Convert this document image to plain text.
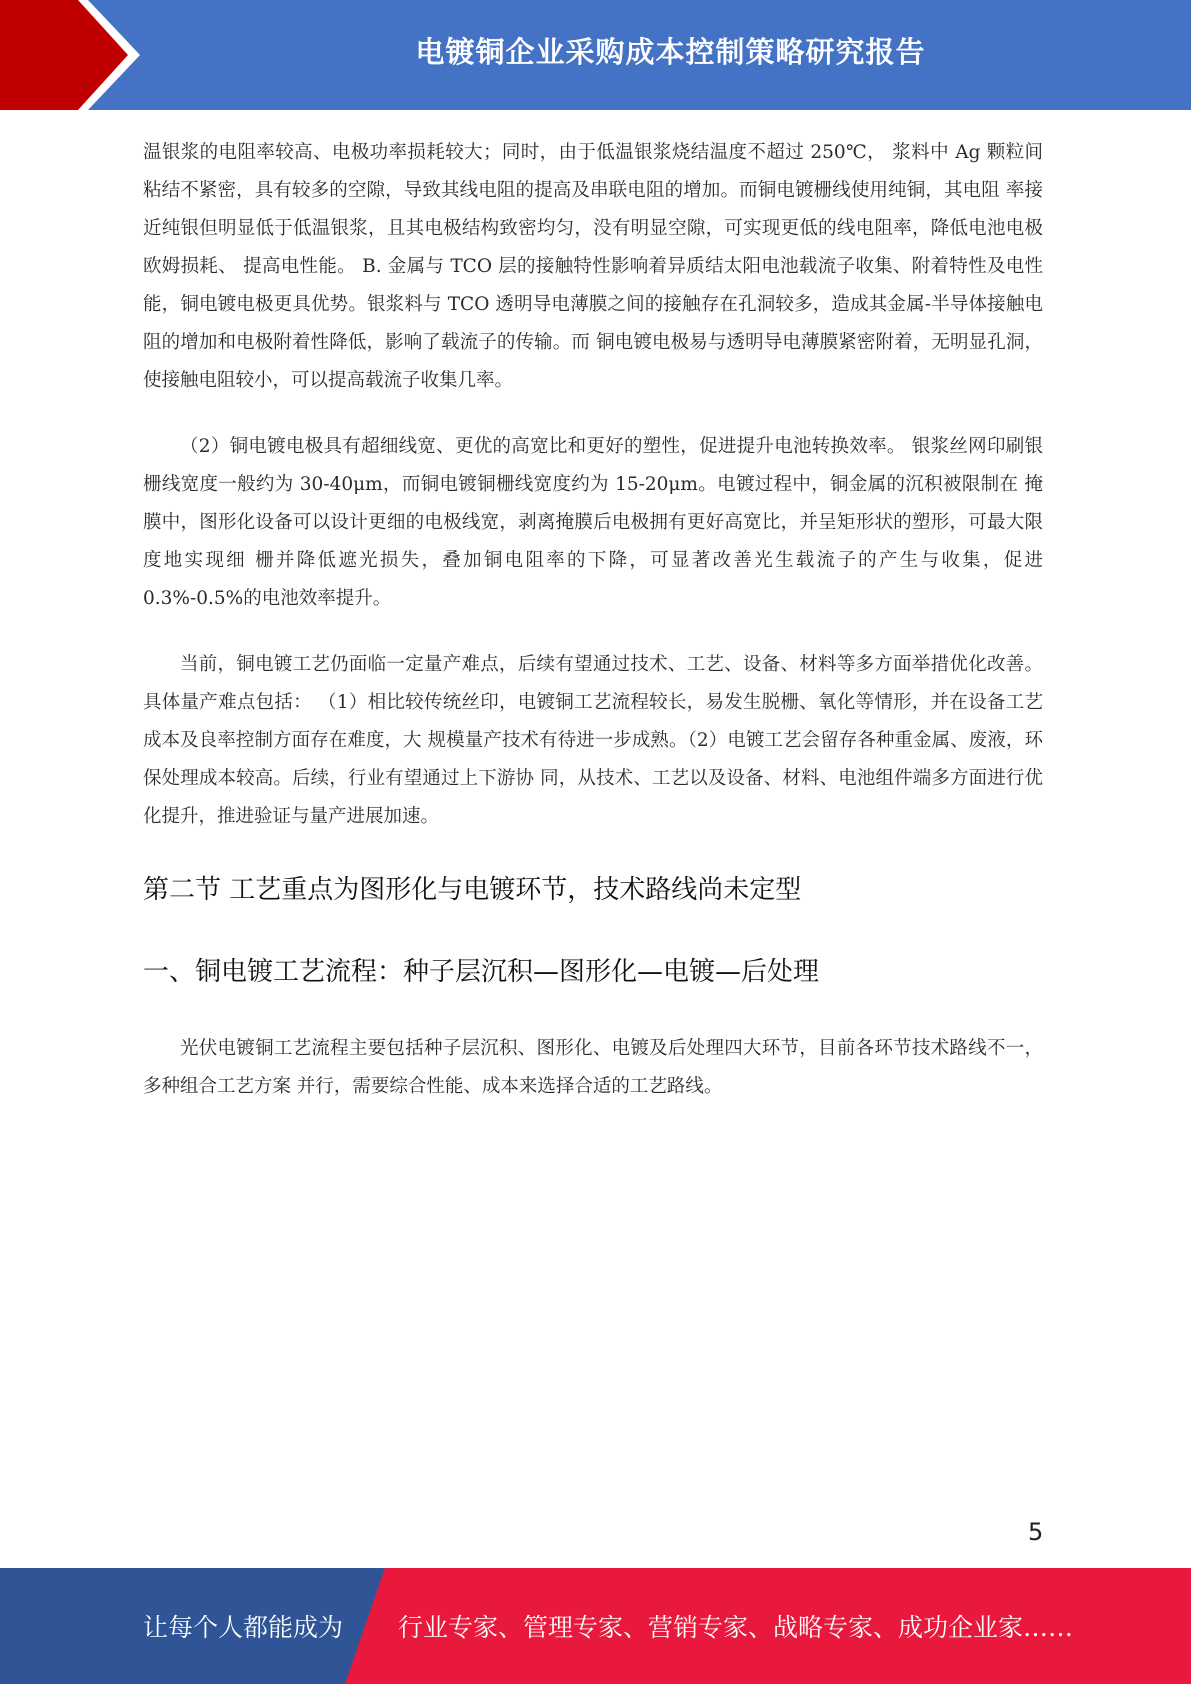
电镀铜企业采购成本控制策略研究报告

温银浆的电阻率较高、电极功率损耗较大；同时，由于低温银浆烧结温度不超过 250℃， 浆料中 Ag 颗粒间粘结不紧密，具有较多的空隙，导致其线电阻的提高及串联电阻的增加。而铜电镀栅线使用纯铜，其电阻 率接近纯银但明显低于低温银浆，且其电极结构致密均匀，没有明显空隙，可实现更低的线电阻率，降低电池电极欧姆损耗、 提高电性能。 B. 金属与 TCO 层的接触特性影响着异质结太阳电池载流子收集、附着特性及电性能，铜电镀电极更具优势。银浆料与 TCO 透明导电薄膜之间的接触存在孔洞较多，造成其金属-半导体接触电阻的增加和电极附着性降低，影响了载流子的传输。而 铜电镀电极易与透明导电薄膜紧密附着，无明显孔洞，使接触电阻较小，可以提高载流子收集几率。

（2）铜电镀电极具有超细线宽、更优的高宽比和更好的塑性，促进提升电池转换效率。 银浆丝网印刷银栅线宽度一般约为 30-40μm，而铜电镀铜栅线宽度约为 15-20μm。电镀过程中，铜金属的沉积被限制在 掩膜中，图形化设备可以设计更细的电极线宽，剥离掩膜后电极拥有更好高宽比，并呈矩形状的塑形，可最大限度地实现细 栅并降低遮光损失，叠加铜电阻率的下降，可显著改善光生载流子的产生与收集，促进 0.3%-0.5%的电池效率提升。

当前，铜电镀工艺仍面临一定量产难点，后续有望通过技术、工艺、设备、材料等多方面举措优化改善。具体量产难点包括： （1）相比较传统丝印，电镀铜工艺流程较长，易发生脱栅、氧化等情形，并在设备工艺成本及良率控制方面存在难度，大 规模量产技术有待进一步成熟。（2）电镀工艺会留存各种重金属、废液，环保处理成本较高。后续，行业有望通过上下游协 同，从技术、工艺以及设备、材料、电池组件端多方面进行优化提升，推进验证与量产进展加速。

第二节 工艺重点为图形化与电镀环节，技术路线尚未定型
一、铜电镀工艺流程：种子层沉积—图形化—电镀—后处理

光伏电镀铜工艺流程主要包括种子层沉积、图形化、电镀及后处理四大环节，目前各环节技术路线不一，多种组合工艺方案 并行，需要综合性能、成本来选择合适的工艺路线。

5
让每个人都能成为 行业专家、管理专家、营销专家、战略专家、成功企业家……
